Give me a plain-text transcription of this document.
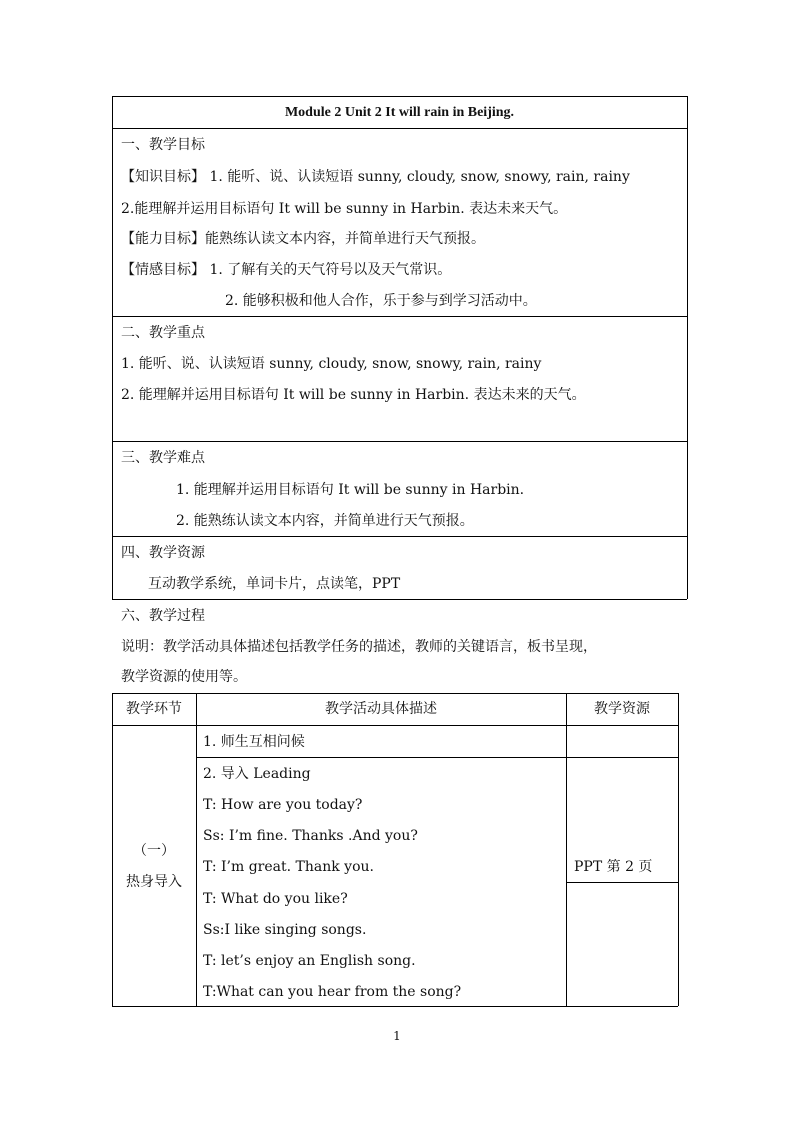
Module 2 Unit 2 It will rain in Beijing.
一、教学目标
【知识目标】 1. 能听、说、认读短语 sunny, cloudy, snow, snowy, rain, rainy
2.能理解并运用目标语句 It will be sunny in Harbin. 表达未来天气。
【能力目标】能熟练认读文本内容，并简单进行天气预报。
【情感目标】 1. 了解有关的天气符号以及天气常识。
2. 能够积极和他人合作，乐于参与到学习活动中。
二、教学重点
1. 能听、说、认读短语 sunny, cloudy, snow, snowy, rain, rainy
2. 能理解并运用目标语句 It will be sunny in Harbin. 表达未来的天气。
三、教学难点
1. 能理解并运用目标语句 It will be sunny in Harbin.
2. 能熟练认读文本内容，并简单进行天气预报。
四、教学资源
互动教学系统，单词卡片，点读笔，PPT
六、教学过程
说明：教学活动具体描述包括教学任务的描述，教师的关键语言，板书呈现，
教学资源的使用等。
教学环节	教学活动具体描述	教学资源
（一）
热身导入
1. 师生互相问候
2. 导入 Leading
T: How are you today?
Ss: I’m fine. Thanks .And you?
T: I’m great. Thank you.
T: What do you like?
Ss:I like singing songs.
T: let’s enjoy an English song.
T:What can you hear from the song?
PPT 第 2 页
1
